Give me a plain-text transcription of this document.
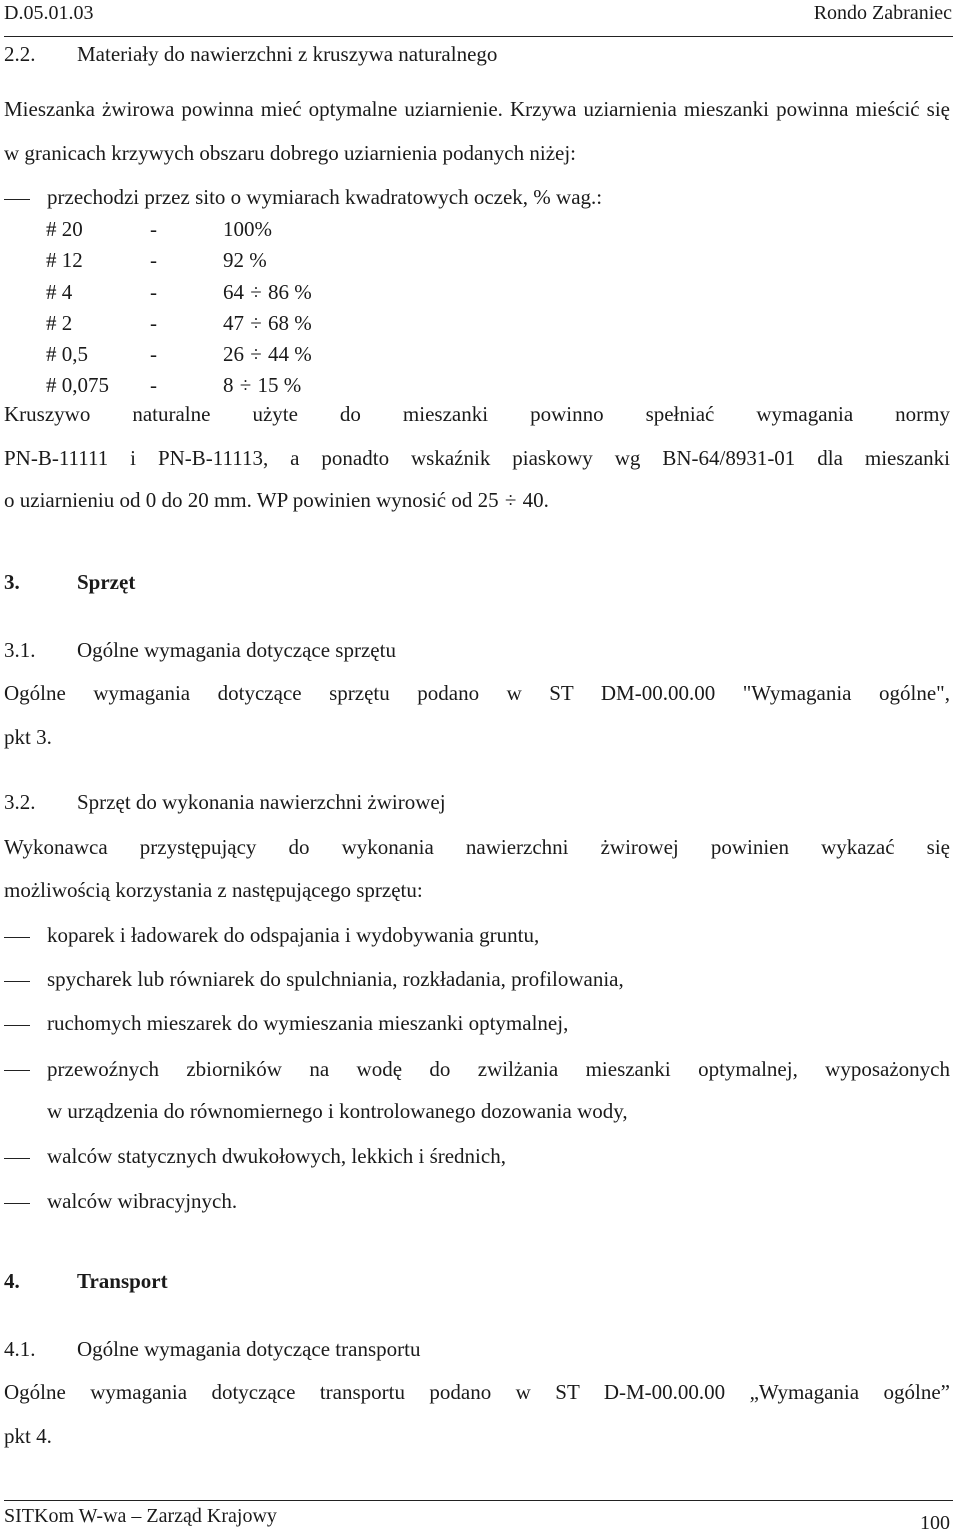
D.05.01.03	Rondo Zabraniec
2.2. Materiały do nawierzchni z kruszywa naturalnego
Mieszanka żwirowa powinna mieć optymalne uziarnienie. Krzywa uziarnienia mieszanki powinna mieścić się w granicach krzywych obszaru dobrego uziarnienia podanych niżej:
przechodzi przez sito o wymiarach kwadratowych oczek, % wag.:
# 20	-	100%
# 12	-	92 %
# 4	-	64 ÷ 86 %
# 2	-	47 ÷ 68 %
# 0,5	-	26 ÷ 44 %
# 0,075 -	8 ÷ 15 %
Kruszywo naturalne użyte do mieszanki powinno spełniać wymagania normy
PN-B-11111 i PN-B-11113, a ponadto wskaźnik piaskowy wg BN-64/8931-01 dla mieszanki
o uziarnieniu od 0 do 20 mm. WP powinien wynosić od 25 ÷ 40.
3.	Sprzęt
3.1. Ogólne wymagania dotyczące sprzętu
Ogólne wymagania dotyczące sprzętu podano w ST DM-00.00.00 "Wymagania ogólne",
pkt 3.
3.2. Sprzęt do wykonania nawierzchni żwirowej
Wykonawca przystępujący do wykonania nawierzchni żwirowej powinien wykazać się
możliwością korzystania z następującego sprzętu:
koparek i ładowarek do odspajania i wydobywania gruntu,
spycharek lub równiarek do spulchniania, rozkładania, profilowania,
ruchomych mieszarek do wymieszania mieszanki optymalnej,
przewoźnych zbiorników na wodę do zwilżania mieszanki optymalnej, wyposażonych
w urządzenia do równomiernego i kontrolowanego dozowania wody,
walców statycznych dwukołowych, lekkich i średnich,
walców wibracyjnych.
4.	Transport
4.1. Ogólne wymagania dotyczące transportu
Ogólne wymagania dotyczące transportu podano w ST D-M-00.00.00 „Wymagania ogólne”
pkt 4.
SITKom W-wa – Zarząd Krajowy	100
